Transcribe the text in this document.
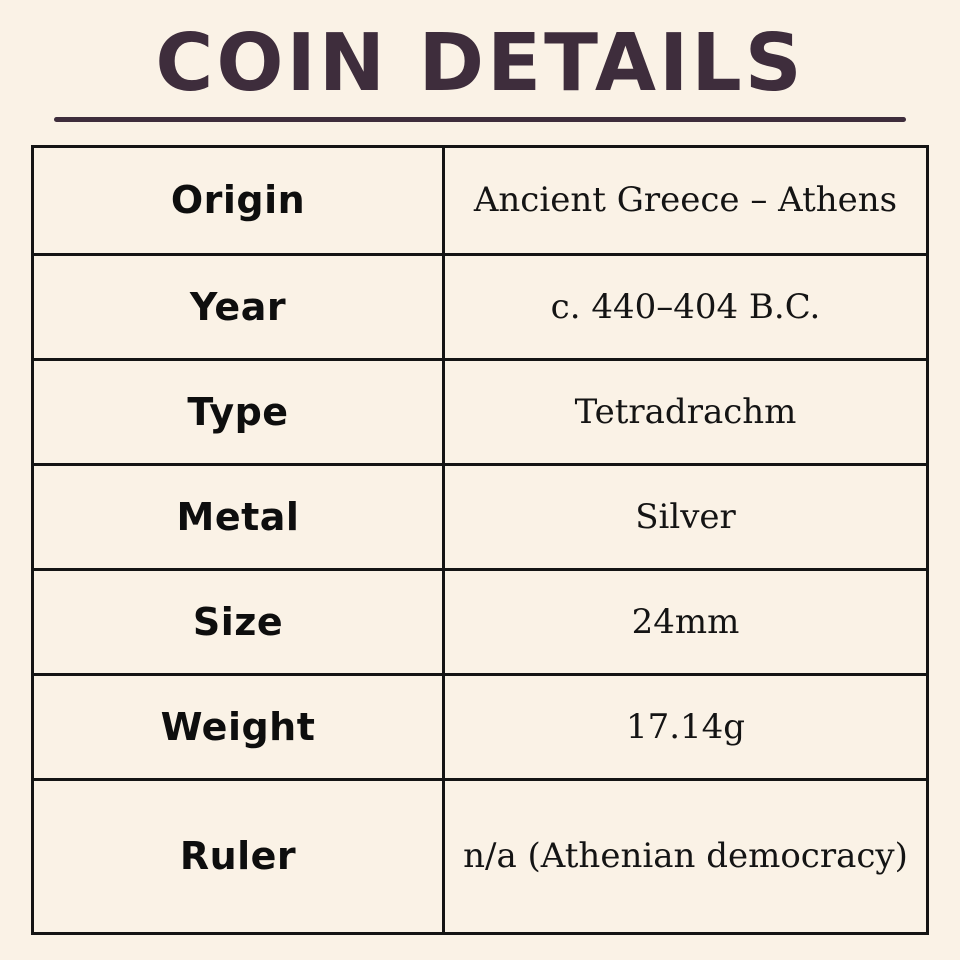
COIN DETAILS
Origin	Ancient Greece – Athens
Year	c. 440–404 B.C.
Type	Tetradrachm
Metal	Silver
Size	24mm
Weight	17.14g
Ruler	n/a (Athenian democracy)
